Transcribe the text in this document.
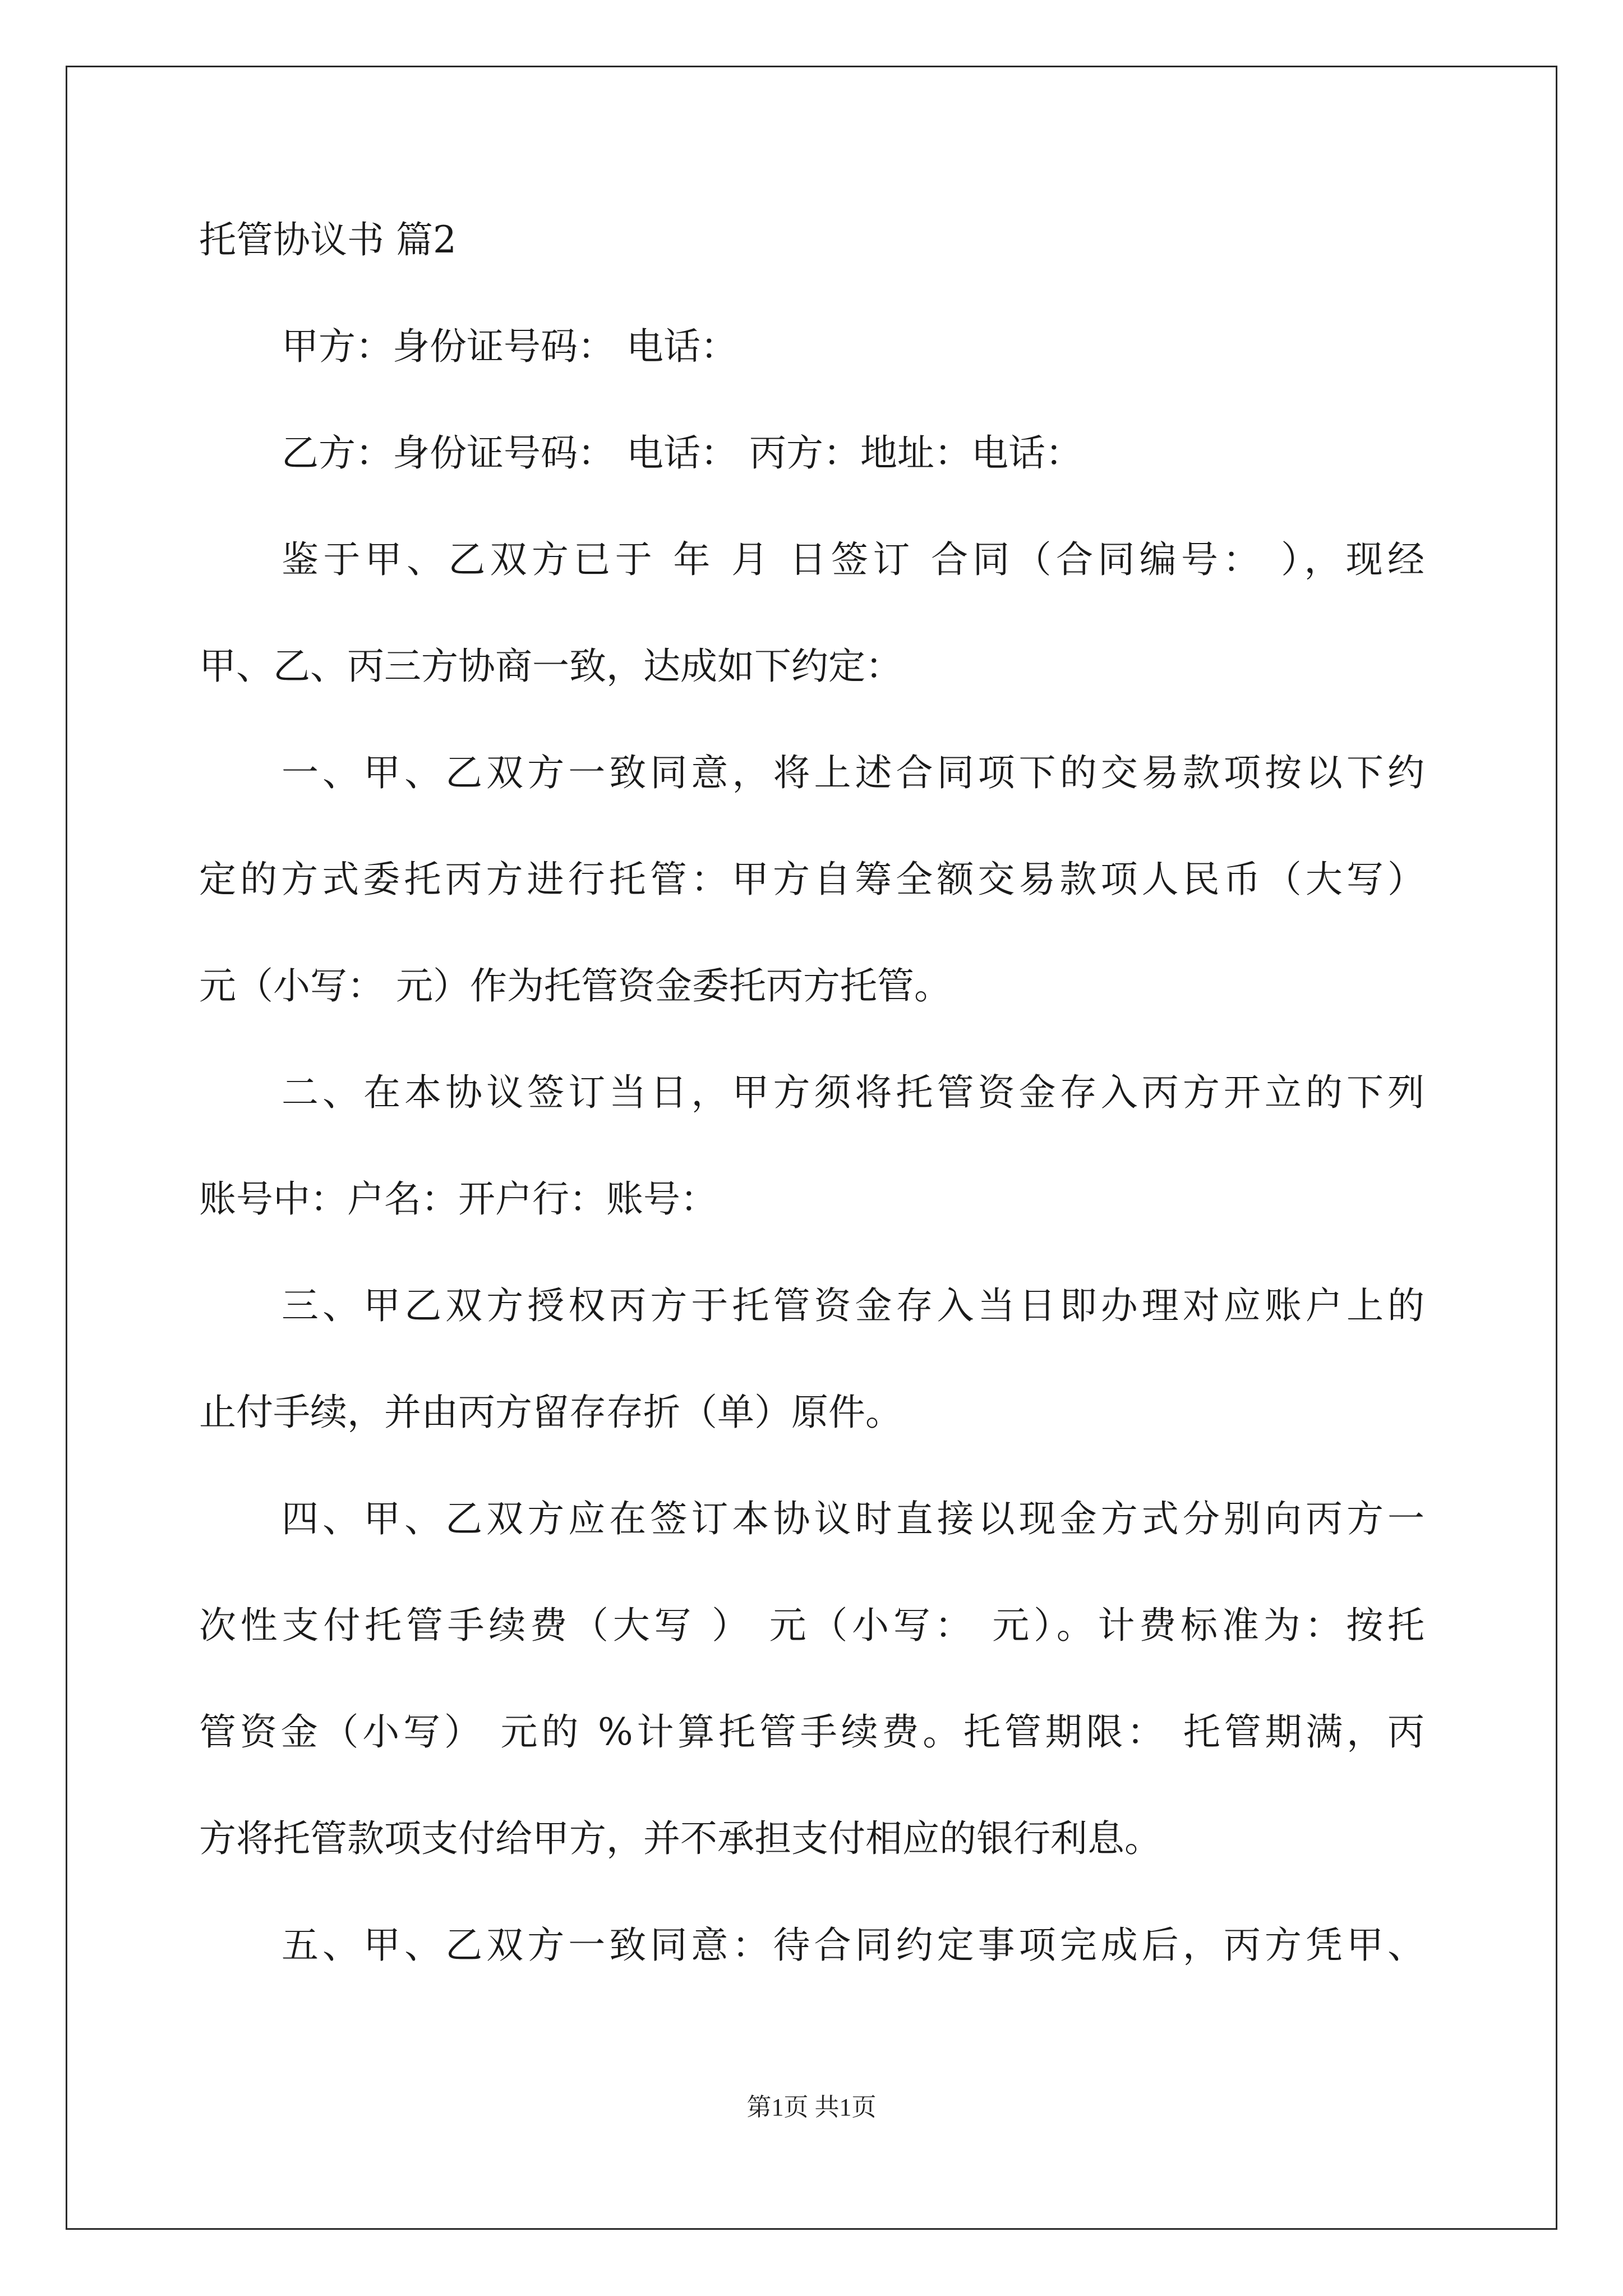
托管协议书 篇2
甲方：身份证号码： 电话：
乙方：身份证号码： 电话： 丙方：地址：电话：
鉴于甲、乙双方已于 年 月 日签订 合同（合同编号： ），现经
甲、乙、丙三方协商一致，达成如下约定：
一、甲、乙双方一致同意，将上述合同项下的交易款项按以下约
定的方式委托丙方进行托管：甲方自筹全额交易款项人民币（大写）
元（小写： 元）作为托管资金委托丙方托管。
二、在本协议签订当日，甲方须将托管资金存入丙方开立的下列
账号中：户名：开户行：账号：
三、甲乙双方授权丙方于托管资金存入当日即办理对应账户上的
止付手续，并由丙方留存存折（单）原件。
四、甲、乙双方应在签订本协议时直接以现金方式分别向丙方一
次性支付托管手续费（大写 ） 元（小写： 元）。计费标准为：按托
管资金（小写） 元的 %计算托管手续费。托管期限： 托管期满，丙
方将托管款项支付给甲方，并不承担支付相应的银行利息。
五、甲、乙双方一致同意：待合同约定事项完成后，丙方凭甲、
第1页 共1页
